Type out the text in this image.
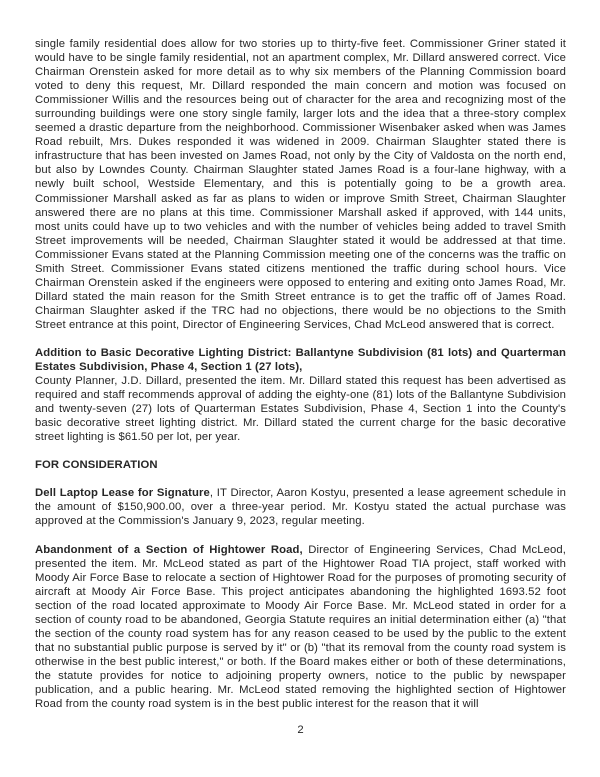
single family residential does allow for two stories up to thirty-five feet. Commissioner Griner stated it would have to be single family residential, not an apartment complex, Mr. Dillard answered correct. Vice Chairman Orenstein asked for more detail as to why six members of the Planning Commission board voted to deny this request, Mr. Dillard responded the main concern and motion was focused on Commissioner Willis and the resources being out of character for the area and recognizing most of the surrounding buildings were one story single family, larger lots and the idea that a three-story complex seemed a drastic departure from the neighborhood. Commissioner Wisenbaker asked when was James Road rebuilt, Mrs. Dukes responded it was widened in 2009. Chairman Slaughter stated there is infrastructure that has been invested on James Road, not only by the City of Valdosta on the north end, but also by Lowndes County. Chairman Slaughter stated James Road is a four-lane highway, with a newly built school, Westside Elementary, and this is potentially going to be a growth area. Commissioner Marshall asked as far as plans to widen or improve Smith Street, Chairman Slaughter answered there are no plans at this time. Commissioner Marshall asked if approved, with 144 units, most units could have up to two vehicles and with the number of vehicles being added to travel Smith Street improvements will be needed, Chairman Slaughter stated it would be addressed at that time. Commissioner Evans stated at the Planning Commission meeting one of the concerns was the traffic on Smith Street. Commissioner Evans stated citizens mentioned the traffic during school hours. Vice Chairman Orenstein asked if the engineers were opposed to entering and exiting onto James Road, Mr. Dillard stated the main reason for the Smith Street entrance is to get the traffic off of James Road. Chairman Slaughter asked if the TRC had no objections, there would be no objections to the Smith Street entrance at this point, Director of Engineering Services, Chad McLeod answered that is correct.

Addition to Basic Decorative Lighting District: Ballantyne Subdivision (81 lots) and Quarterman Estates Subdivision, Phase 4, Section 1 (27 lots),

County Planner, J.D. Dillard, presented the item. Mr. Dillard stated this request has been advertised as required and staff recommends approval of adding the eighty-one (81) lots of the Ballantyne Subdivision and twenty-seven (27) lots of Quarterman Estates Subdivision, Phase 4, Section 1 into the County's basic decorative street lighting district. Mr. Dillard stated the current charge for the basic decorative street lighting is $61.50 per lot, per year.

FOR CONSIDERATION

Dell Laptop Lease for Signature, IT Director, Aaron Kostyu, presented a lease agreement schedule in the amount of $150,900.00, over a three-year period. Mr. Kostyu stated the actual purchase was approved at the Commission's January 9, 2023, regular meeting.

Abandonment of a Section of Hightower Road, Director of Engineering Services, Chad McLeod, presented the item. Mr. McLeod stated as part of the Hightower Road TIA project, staff worked with Moody Air Force Base to relocate a section of Hightower Road for the purposes of promoting security of aircraft at Moody Air Force Base. This project anticipates abandoning the highlighted 1693.52 foot section of the road located approximate to Moody Air Force Base. Mr. McLeod stated in order for a section of county road to be abandoned, Georgia Statute requires an initial determination either (a) "that the section of the county road system has for any reason ceased to be used by the public to the extent that no substantial public purpose is served by it" or (b) "that its removal from the county road system is otherwise in the best public interest," or both. If the Board makes either or both of these determinations, the statute provides for notice to adjoining property owners, notice to the public by newspaper publication, and a public hearing. Mr. McLeod stated removing the highlighted section of Hightower Road from the county road system is in the best public interest for the reason that it will

2
